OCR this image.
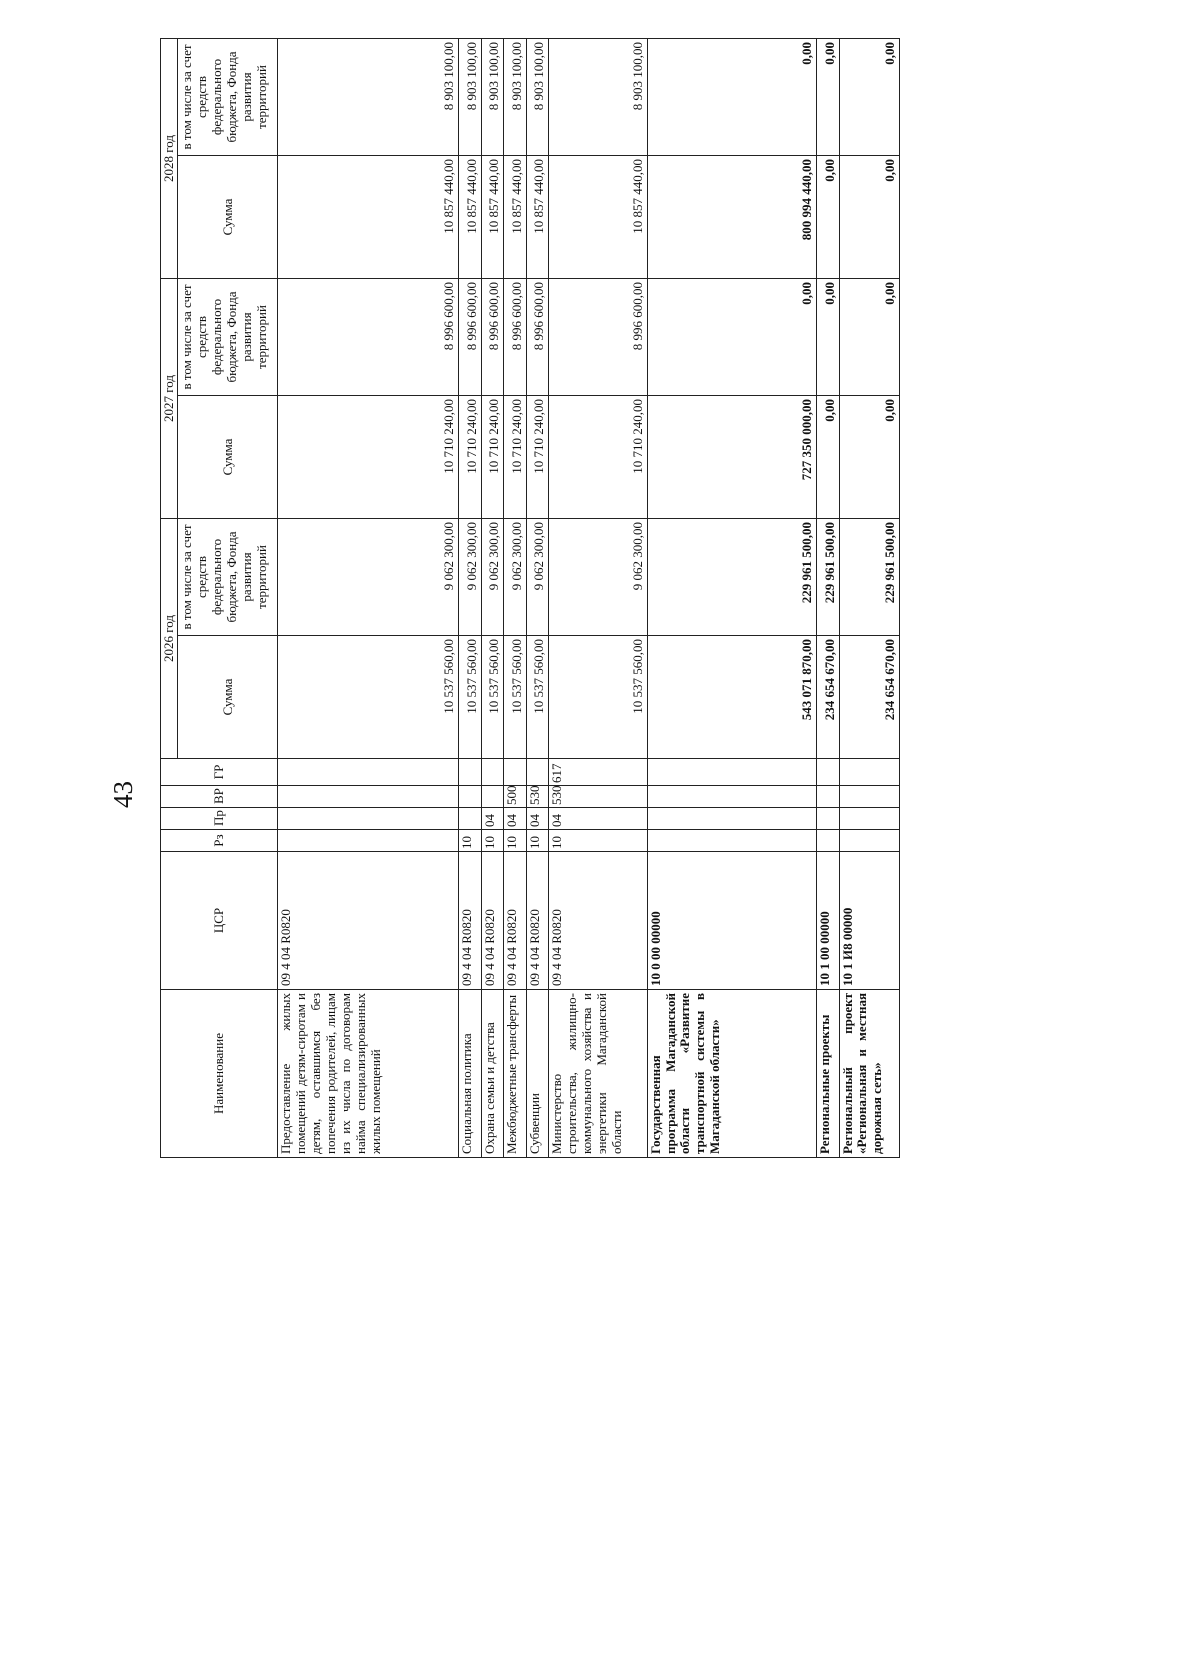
43
Наименование	ЦСР	Рз	Пр	ВР	ГР	2026 год		2027 год		2028 год	
						Сумма	в том числе за счет средств федерального бюджета, Фонда развития территорий	Сумма	в том числе за счет средств федерального бюджета, Фонда развития территорий	Сумма	в том числе за счет средств федерального бюджета, Фонда развития территорий
Предоставление жилых помещений детям-сиротам и детям, оставшимся без попечения родителей, лицам из их числа по договорам найма специализированных жилых помещений	09 4 04 R0820					10 537 560,00	9 062 300,00	10 710 240,00	8 996 600,00	10 857 440,00	8 903 100,00
Социальная политика	09 4 04 R0820	10				10 537 560,00	9 062 300,00	10 710 240,00	8 996 600,00	10 857 440,00	8 903 100,00
Охрана семьи и детства	09 4 04 R0820	10	04			10 537 560,00	9 062 300,00	10 710 240,00	8 996 600,00	10 857 440,00	8 903 100,00
Межбюджетные трансферты	09 4 04 R0820	10	04	500		10 537 560,00	9 062 300,00	10 710 240,00	8 996 600,00	10 857 440,00	8 903 100,00
Субвенции	09 4 04 R0820	10	04	530		10 537 560,00	9 062 300,00	10 710 240,00	8 996 600,00	10 857 440,00	8 903 100,00
Министерство строительства, жилищно-коммунального хозяйства и энергетики Магаданской области	09 4 04 R0820	10	04	530	617	10 537 560,00	9 062 300,00	10 710 240,00	8 996 600,00	10 857 440,00	8 903 100,00
Государственная программа Магаданской области «Развитие транспортной системы в Магаданской области»	10 0 00 00000					543 071 870,00	229 961 500,00	727 350 000,00	0,00	800 994 440,00	0,00
Региональные проекты	10 1 00 00000					234 654 670,00	229 961 500,00	0,00	0,00	0,00	0,00
Региональный проект «Региональная и местная дорожная сеть»	10 1 И8 00000					234 654 670,00	229 961 500,00	0,00	0,00	0,00	0,00
